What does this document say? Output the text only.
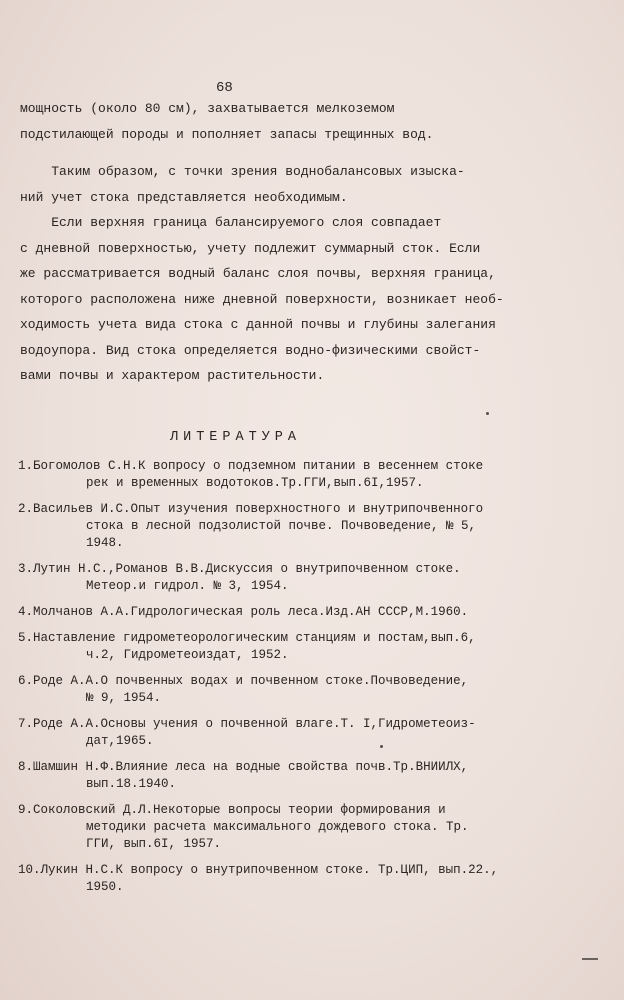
68
мощность (около 80 см), захватывается мелкоземом
подстилающей породы и пополняет запасы трещинных вод.
Таким образом, с точки зрения воднобалансовых изыска-
ний учет стока представляется необходимым.
Если верхняя граница балансируемого слоя совпадает
с дневной поверхностью, учету подлежит суммарный сток. Если
же рассматривается водный баланс слоя почвы, верхняя граница,
которого расположена ниже дневной поверхности, возникает необ-
ходимость учета вида стока с данной почвы и глубины залегания
водоупора. Вид стока определяется водно-физическими свойст-
вами почвы и характером растительности.
ЛИТЕРАТУРА
1.Богомолов С.Н.К вопросу о подземном питании в весеннем стоке
рек и временных водотоков.Тр.ГГИ,вып.6I,1957.
2.Васильев И.С.Опыт изучения поверхностного и внутрипочвенного
стока в лесной подзолистой почве. Почвоведение, № 5,
1948.
3.Лутин Н.С.,Романов В.В.Дискуссия о внутрипочвенном стоке.
Метеор.и гидрол. № 3, 1954.
4.Молчанов А.А.Гидрологическая роль леса.Изд.АН СССР,М.1960.
5.Наставление гидрометеорологическим станциям и постам,вып.6,
ч.2, Гидрометеоиздат, 1952.
6.Роде А.А.О почвенных водах и почвенном стоке.Почвоведение,
№ 9, 1954.
7.Роде А.А.Основы учения о почвенной влаге.Т. I,Гидрометеоиз-
дат,1965.
8.Шамшин Н.Ф.Влияние леса на водные свойства почв.Тр.ВНИИЛХ,
вып.18.1940.
9.Соколовский Д.Л.Некоторые вопросы теории формирования и
методики расчета максимального дождевого стока. Тр.
ГГИ, вып.6I, 1957.
10.Лукин Н.С.К вопросу о внутрипочвенном стоке. Тр.ЦИП, вып.22.,
1950.
